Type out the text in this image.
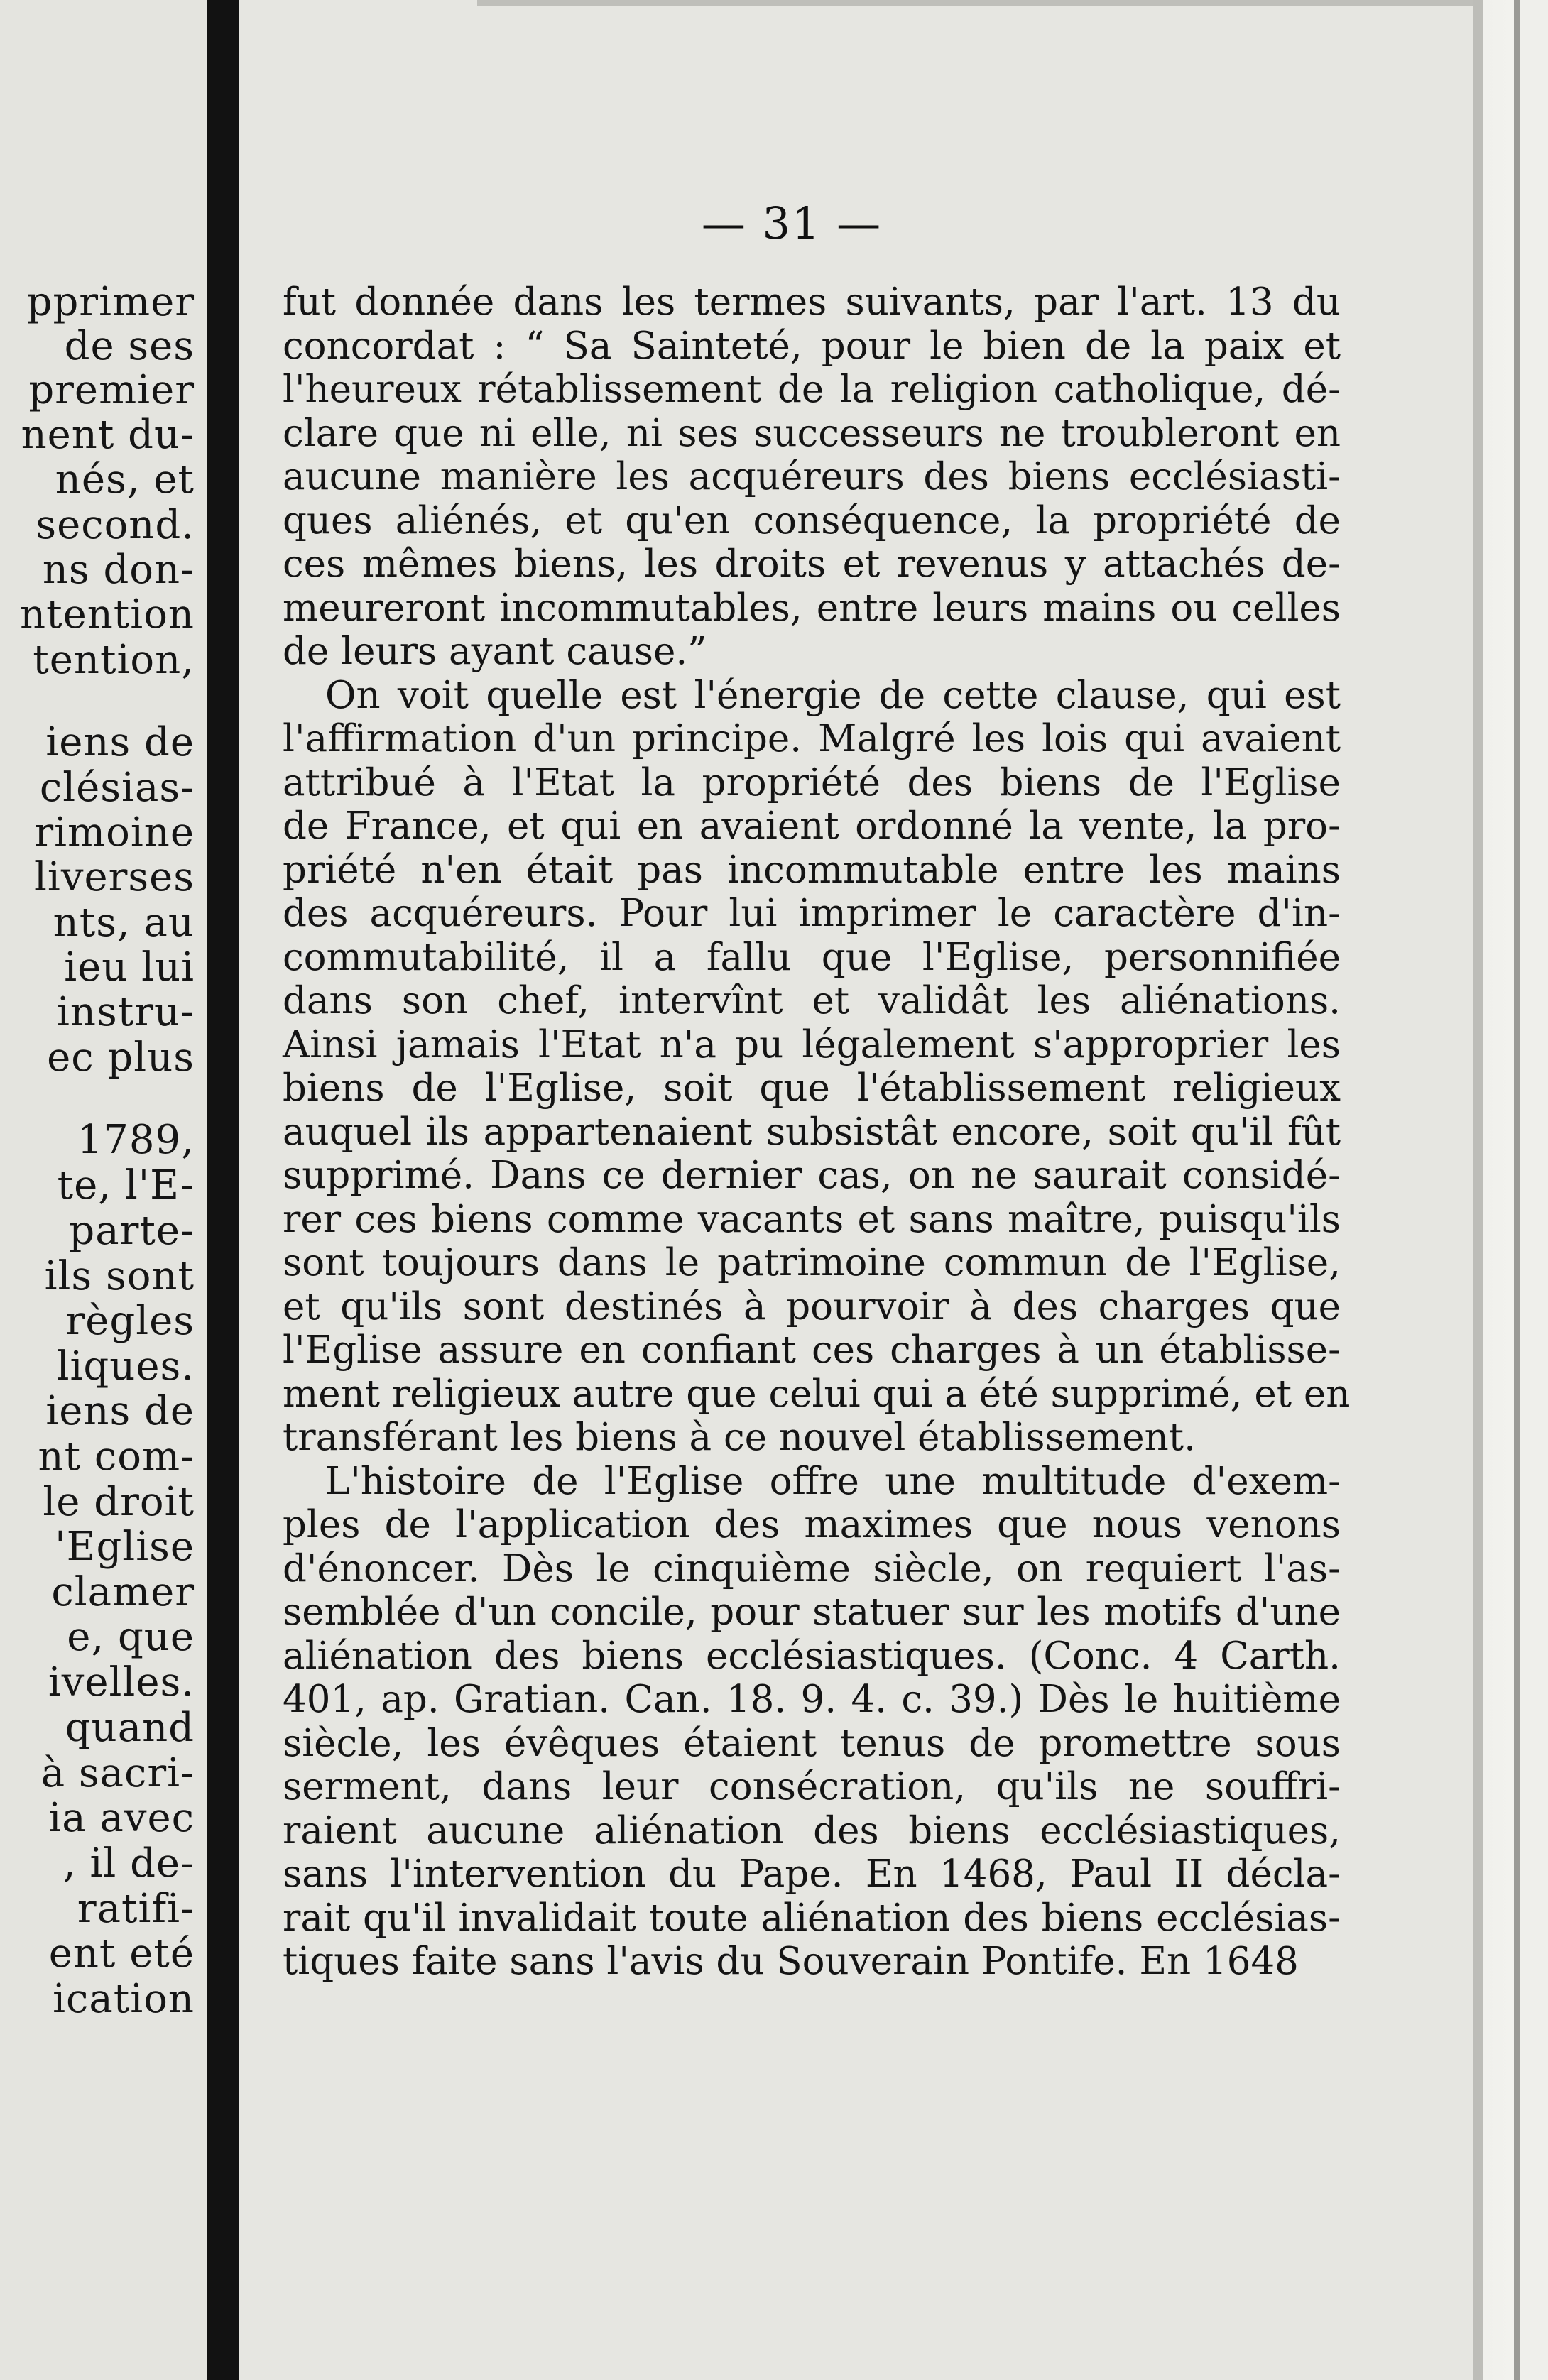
pprimer
de ses
premier
nent du-
nés, et
second.
ns don-
ntention
tention,
iens de
clésias-
rimoine
liverses
nts, au
ieu lui
instru-
ec plus
1789,
te, l'E-
parte-
ils sont
règles
liques.
iens de
nt com-
le droit
'Eglise
clamer
e, que
ivelles.
quand
à sacri-
ia avec
, il de-
ratifi-
ent eté
ication
— 31 —
fut donnée dans les termes suivants, par l'art. 13 du
concordat : “ Sa Sainteté, pour le bien de la paix et
l'heureux rétablissement de la religion catholique, dé-
clare que ni elle, ni ses successeurs ne troubleront en
aucune manière les acquéreurs des biens ecclésiasti-
ques aliénés, et qu'en conséquence, la propriété de
ces mêmes biens, les droits et revenus y attachés de-
meureront incommutables, entre leurs mains ou celles
de leurs ayant cause.”
On voit quelle est l'énergie de cette clause, qui est
l'affirmation d'un principe. Malgré les lois qui avaient
attribué à l'Etat la propriété des biens de l'Eglise
de France, et qui en avaient ordonné la vente, la pro-
priété n'en était pas incommutable entre les mains
des acquéreurs. Pour lui imprimer le caractère d'in-
commutabilité, il a fallu que l'Eglise, personnifiée
dans son chef, intervînt et validât les aliénations.
Ainsi jamais l'Etat n'a pu légalement s'approprier les
biens de l'Eglise, soit que l'établissement religieux
auquel ils appartenaient subsistât encore, soit qu'il fût
supprimé. Dans ce dernier cas, on ne saurait considé-
rer ces biens comme vacants et sans maître, puisqu'ils
sont toujours dans le patrimoine commun de l'Eglise,
et qu'ils sont destinés à pourvoir à des charges que
l'Eglise assure en confiant ces charges à un établisse-
ment religieux autre que celui qui a été supprimé, et en
transférant les biens à ce nouvel établissement.
L'histoire de l'Eglise offre une multitude d'exem-
ples de l'application des maximes que nous venons
d'énoncer. Dès le cinquième siècle, on requiert l'as-
semblée d'un concile, pour statuer sur les motifs d'une
aliénation des biens ecclésiastiques. (Conc. 4 Carth.
401, ap. Gratian. Can. 18. 9. 4. c. 39.) Dès le huitième
siècle, les évêques étaient tenus de promettre sous
serment, dans leur consécration, qu'ils ne souffri-
raient aucune aliénation des biens ecclésiastiques,
sans l'intervention du Pape. En 1468, Paul II décla-
rait qu'il invalidait toute aliénation des biens ecclésias-
tiques faite sans l'avis du Souverain Pontife. En 1648
